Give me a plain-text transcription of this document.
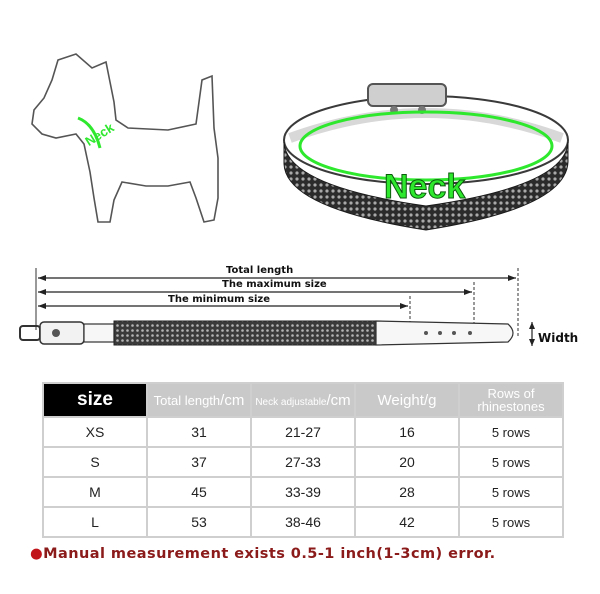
Neck
Neck
Total length
The maximum size
The minimum size
Width
size	Total length/cm	Neck adjustable/cm	Weight/g	Rows of
rhinestones
XS	31	21-27	16	5 rows
S	37	27-33	20	5 rows
M	45	33-39	28	5 rows
L	53	38-46	42	5 rows
●Manual measurement exists 0.5-1 inch(1-3cm) error.
